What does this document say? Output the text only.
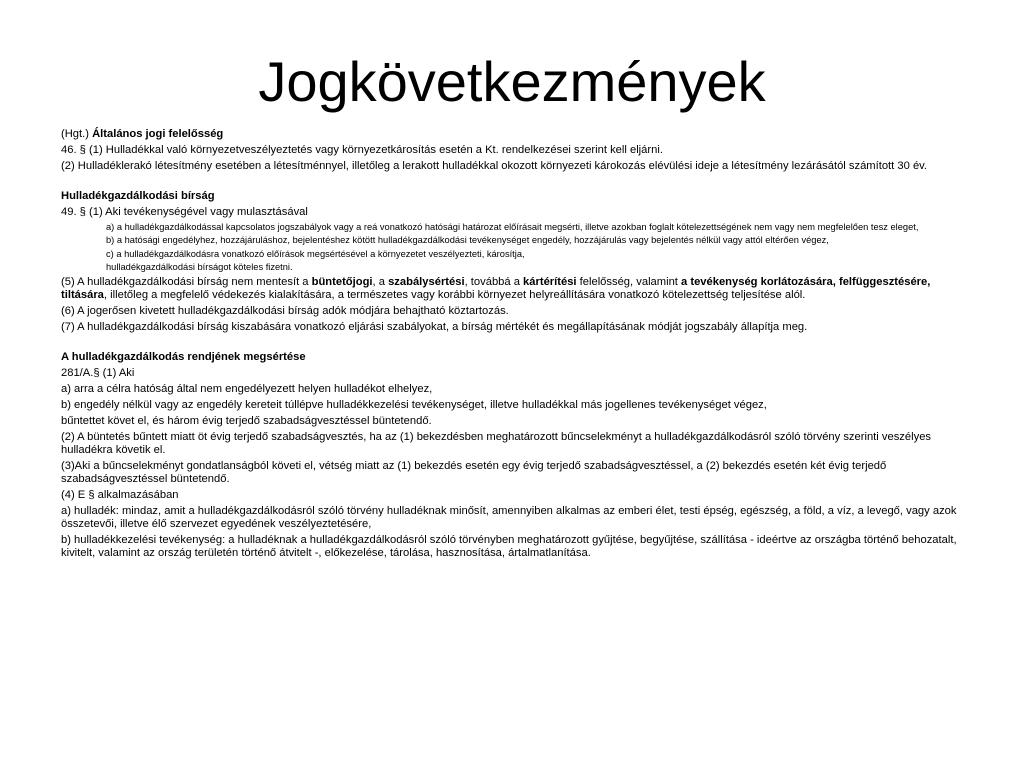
Jogkövetkezmények

(Hgt.) Általános jogi felelősség

46. § (1) Hulladékkal való környezetveszélyeztetés vagy környezetkárosítás esetén a Kt. rendelkezései szerint kell eljárni.

(2) Hulladéklerakó létesítmény esetében a létesítménnyel, illetőleg a lerakott hulladékkal okozott környezeti károkozás elévülési ideje a létesítmény lezárásától számított 30 év.

Hulladékgazdálkodási bírság

49. § (1) Aki tevékenységével vagy mulasztásával

a) a hulladékgazdálkodással kapcsolatos jogszabályok vagy a reá vonatkozó hatósági határozat előírásait megsérti, illetve azokban foglalt kötelezettségének nem vagy nem megfelelően tesz eleget,

b) a hatósági engedélyhez, hozzájáruláshoz, bejelentéshez kötött hulladékgazdálkodási tevékenységet engedély, hozzájárulás vagy bejelentés nélkül vagy attól eltérően végez,

c) a hulladékgazdálkodásra vonatkozó előírások megsértésével a környezetet veszélyezteti, károsítja,

hulladékgazdálkodási bírságot köteles fizetni.

(5) A hulladékgazdálkodási bírság nem mentesít a büntetőjogi, a szabálysértési, továbbá a kártérítési felelősség, valamint a tevékenység korlátozására, felfüggesztésére, tiltására, illetőleg a megfelelő védekezés kialakítására, a természetes vagy korábbi környezet helyreállítására vonatkozó kötelezettség teljesítése alól.

(6) A jogerősen kivetett hulladékgazdálkodási bírság adók módjára behajtható köztartozás.

(7) A hulladékgazdálkodási bírság kiszabására vonatkozó eljárási szabályokat, a bírság mértékét és megállapításának módját jogszabály állapítja meg.

A hulladékgazdálkodás rendjének megsértése

281/A.§ (1) Aki

a) arra a célra hatóság által nem engedélyezett helyen hulladékot elhelyez,

b) engedély nélkül vagy az engedély kereteit túllépve hulladékkezelési tevékenységet, illetve hulladékkal más jogellenes tevékenységet végez,

bűntettet követ el, és három évig terjedő szabadságvesztéssel büntetendő.

(2) A büntetés bűntett miatt öt évig terjedő szabadságvesztés, ha az (1) bekezdésben meghatározott bűncselekményt a hulladékgazdálkodásról szóló törvény szerinti veszélyes hulladékra követik el.

(3)Aki a bűncselekményt gondatlanságból követi el, vétség miatt az (1) bekezdés esetén egy évig terjedő szabadságvesztéssel, a (2) bekezdés esetén két évig terjedő szabadságvesztéssel büntetendő.

(4) E § alkalmazásában

a) hulladék: mindaz, amit a hulladékgazdálkodásról szóló törvény hulladéknak minősít, amennyiben alkalmas az emberi élet, testi épség, egészség, a föld, a víz, a levegő, vagy azok összetevői, illetve élő szervezet egyedének veszélyeztetésére,

b) hulladékkezelési tevékenység: a hulladéknak a hulladékgazdálkodásról szóló törvényben meghatározott gyűjtése, begyűjtése, szállítása - ideértve az országba történő behozatalt, kivitelt, valamint az ország területén történő átvitelt -, előkezelése, tárolása, hasznosítása, ártalmatlanítása.
